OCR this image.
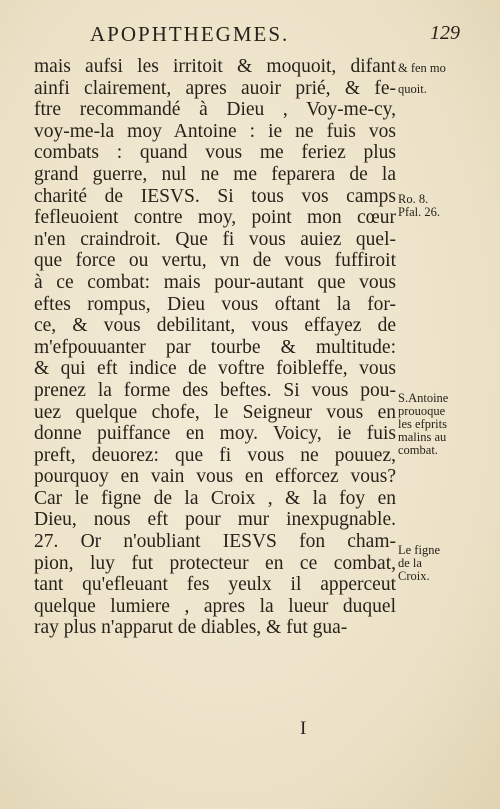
APOPHTHEGMES.	129
mais aufsi les irritoit & moquoit, difant
ainfi clairement, apres auoir prié, & fe-
ftre recommandé à Dieu , Voy-me-cy,
voy-me-la moy Antoine : ie ne fuis vos
combats : quand vous me feriez plus
grand guerre, nul ne me feparera de la
charité de IESVS. Si tous vos camps
fefleuoient contre moy, point mon cœur
n'en craindroit. Que fi vous auiez quel-
que force ou vertu, vn de vous fuffiroit
à ce combat: mais pour-autant que vous
eftes rompus, Dieu vous oftant la for-
ce, & vous debilitant, vous effayez de
m'efpouuanter par tourbe & multitude:
& qui eft indice de voftre foibleffe, vous
prenez la forme des beftes. Si vous pou-
uez quelque chofe, le Seigneur vous en
donne puiffance en moy. Voicy, ie fuis
preft, deuorez: que fi vous ne pouuez,
pourquoy en vain vous en efforcez vous?
Car le figne de la Croix , & la foy en
Dieu, nous eft pour mur inexpugnable.
27. Or n'oubliant IESVS fon cham-
pion, luy fut protecteur en ce combat,
tant qu'efleuant fes yeulx il apperceut
quelque lumiere , apres la lueur duquel
ray plus n'apparut de diables, & fut gua-
I
& fen mo
quoit.
Ro. 8.
Pfal. 26.
S.Antoine
prouoque
les efprits
malins au
combat.
Le figne
de la
Croix.
